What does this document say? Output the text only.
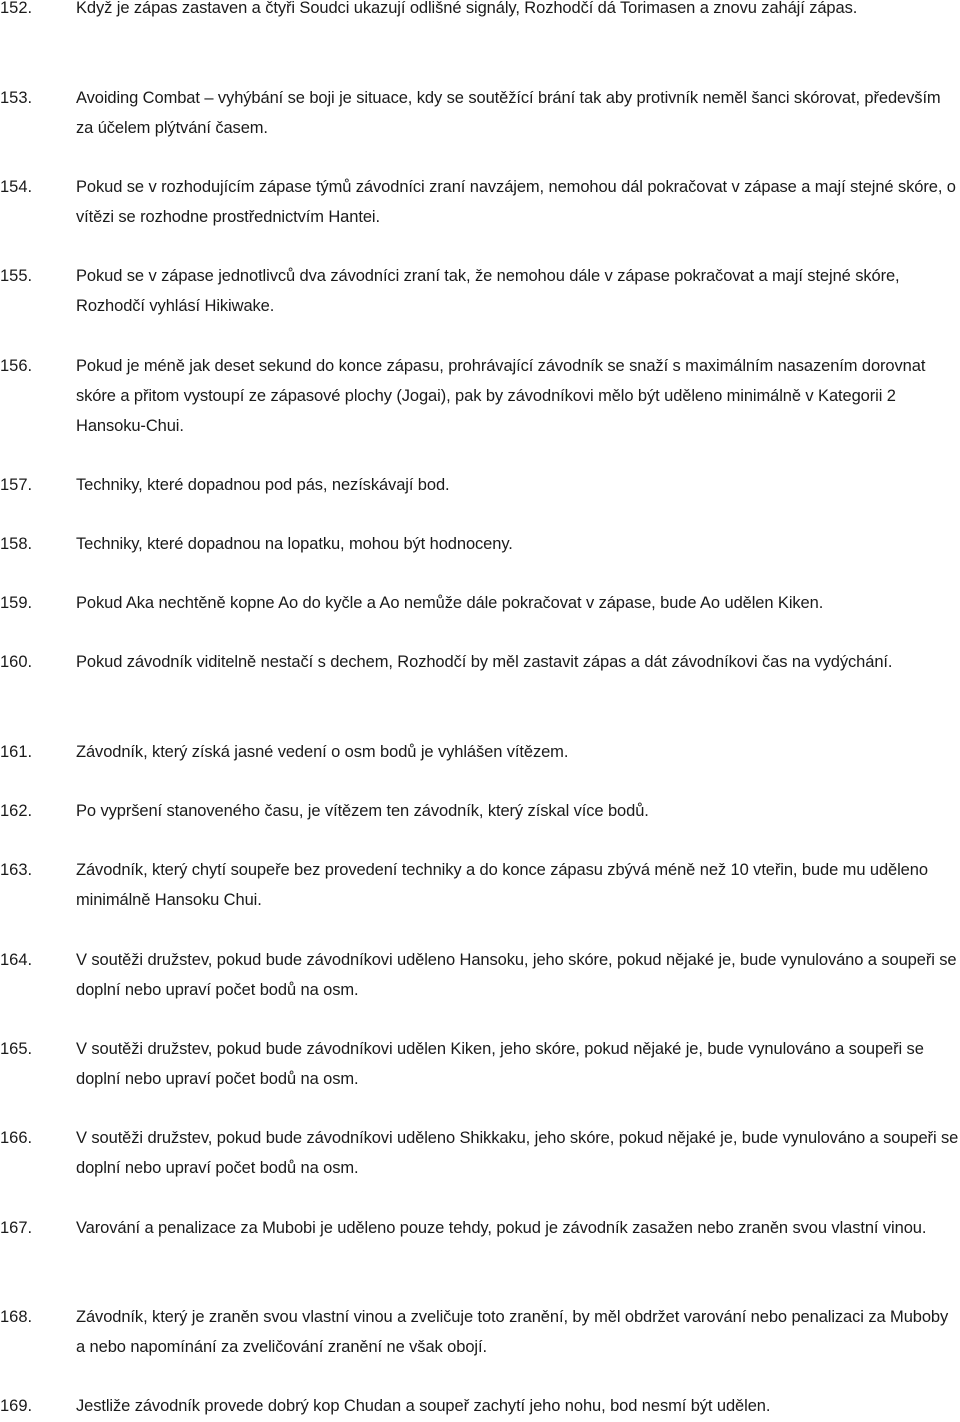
152.	Když je zápas zastaven a čtyři Soudci ukazují odlišné signály, Rozhodčí dá Torimasen a znovu zahájí zápas.
153.	Avoiding Combat – vyhýbání se boji je situace, kdy se soutěžící brání tak aby protivník neměl šanci skórovat, především za účelem plýtvání časem.
154.	Pokud se v rozhodujícím zápase týmů závodníci zraní navzájem, nemohou dál pokračovat v zápase a mají stejné skóre, o vítězi se rozhodne prostřednictvím Hantei.
155.	Pokud se v zápase jednotlivců dva závodníci zraní tak, že nemohou dále v zápase pokračovat a mají stejné skóre, Rozhodčí vyhlásí Hikiwake.
156.	Pokud je méně jak deset sekund do konce zápasu, prohrávající závodník se snaží s maximálním nasazením dorovnat skóre a přitom vystoupí ze zápasové plochy (Jogai), pak by závodníkovi mělo být uděleno minimálně v Kategorii 2 Hansoku-Chui.
157.	Techniky, které dopadnou pod pás, nezískávají bod.
158.	Techniky, které dopadnou na lopatku, mohou být hodnoceny.
159.	Pokud Aka nechtěně kopne Ao do kyčle a Ao nemůže dále pokračovat v zápase, bude Ao udělen Kiken.
160.	Pokud závodník viditelně nestačí s dechem, Rozhodčí by měl zastavit zápas a dát závodníkovi čas na vydýchání.
161.	Závodník, který získá jasné vedení o osm bodů je vyhlášen vítězem.
162.	Po vypršení stanoveného času, je vítězem ten závodník, který získal více bodů.
163.	Závodník, který chytí soupeře bez provedení techniky a do konce zápasu zbývá méně než 10 vteřin, bude mu uděleno minimálně Hansoku Chui.
164.	V soutěži družstev, pokud bude závodníkovi uděleno Hansoku, jeho skóre, pokud nějaké je, bude vynulováno a soupeři se doplní nebo upraví počet bodů na osm.
165.	V soutěži družstev, pokud bude závodníkovi udělen Kiken, jeho skóre, pokud nějaké je, bude vynulováno a soupeři se doplní nebo upraví počet bodů na osm.
166.	V soutěži družstev, pokud bude závodníkovi uděleno Shikkaku, jeho skóre, pokud nějaké je, bude vynulováno a soupeři se doplní nebo upraví počet bodů na osm.
167.	Varování a penalizace za Mubobi je uděleno pouze tehdy, pokud je závodník zasažen nebo zraněn svou vlastní vinou.
168.	Závodník, který je zraněn svou vlastní vinou a zveličuje toto zranění, by měl obdržet varování nebo penalizaci za Muboby a nebo napomínání za zveličování zranění ne však obojí.
169.	Jestliže závodník provede dobrý kop Chudan a soupeř zachytí jeho nohu, bod nesmí být udělen.
